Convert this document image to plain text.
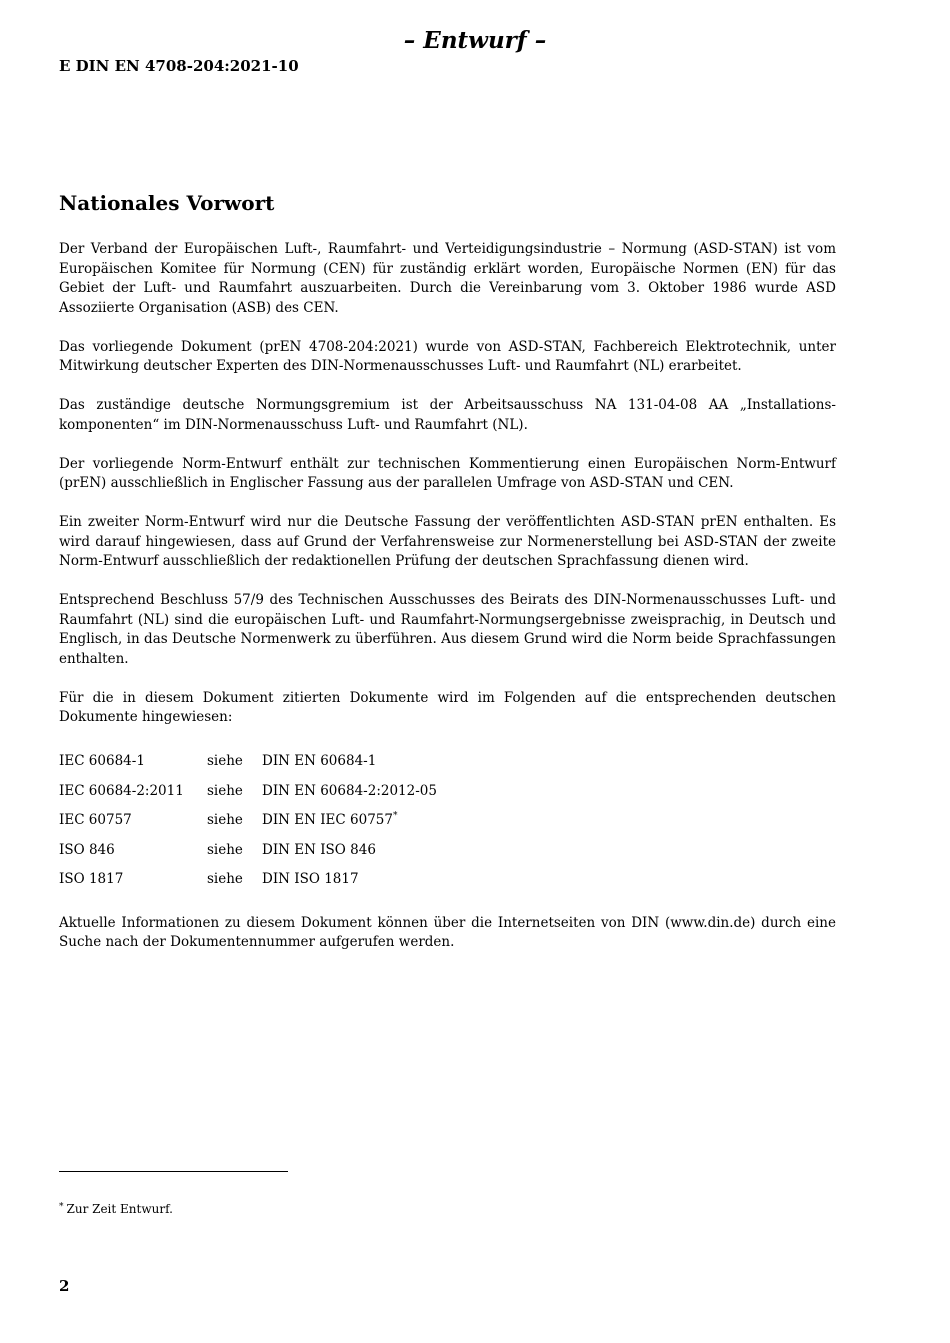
– Entwurf –
E DIN EN 4708-204:2021-10
Nationales Vorwort

Der Verband der Europäischen Luft-, Raumfahrt- und Verteidigungsindustrie – Normung (ASD-STAN) ist vom Europäischen Komitee für Normung (CEN) für zuständig erklärt worden, Europäische Normen (EN) für das Gebiet der Luft- und Raumfahrt auszuarbeiten. Durch die Vereinbarung vom 3. Oktober 1986 wurde ASD Assoziierte Organisation (ASB) des CEN.

Das vorliegende Dokument (prEN 4708-204:2021) wurde von ASD-STAN, Fachbereich Elektrotechnik, unter Mitwirkung deutscher Experten des DIN-Normenausschusses Luft- und Raumfahrt (NL) erarbeitet.

Das zuständige deutsche Normungsgremium ist der Arbeitsausschuss NA 131-04-08 AA „Installations-komponenten“ im DIN-Normenausschuss Luft- und Raumfahrt (NL).

Der vorliegende Norm-Entwurf enthält zur technischen Kommentierung einen Europäischen Norm-Entwurf (prEN) ausschließlich in Englischer Fassung aus der parallelen Umfrage von ASD-STAN und CEN.

Ein zweiter Norm-Entwurf wird nur die Deutsche Fassung der veröffentlichten ASD-STAN prEN enthalten. Es wird darauf hingewiesen, dass auf Grund der Verfahrensweise zur Normenerstellung bei ASD-STAN der zweite Norm-Entwurf ausschließlich der redaktionellen Prüfung der deutschen Sprachfassung dienen wird.

Entsprechend Beschluss 57/9 des Technischen Ausschusses des Beirats des DIN-Normenausschusses Luft- und Raumfahrt (NL) sind die europäischen Luft- und Raumfahrt-Normungsergebnisse zweisprachig, in Deutsch und Englisch, in das Deutsche Normenwerk zu überführen. Aus diesem Grund wird die Norm beide Sprachfassungen enthalten.

Für die in diesem Dokument zitierten Dokumente wird im Folgenden auf die entsprechenden deutschen Dokumente hingewiesen:

IEC 60684-1	siehe	DIN EN 60684-1
IEC 60684-2:2011	siehe	DIN EN 60684-2:2012-05
IEC 60757	siehe	DIN EN IEC 60757*
ISO 846	siehe	DIN EN ISO 846
ISO 1817	siehe	DIN ISO 1817

Aktuelle Informationen zu diesem Dokument können über die Internetseiten von DIN (www.din.de) durch eine Suche nach der Dokumentennummer aufgerufen werden.

* Zur Zeit Entwurf.
2
